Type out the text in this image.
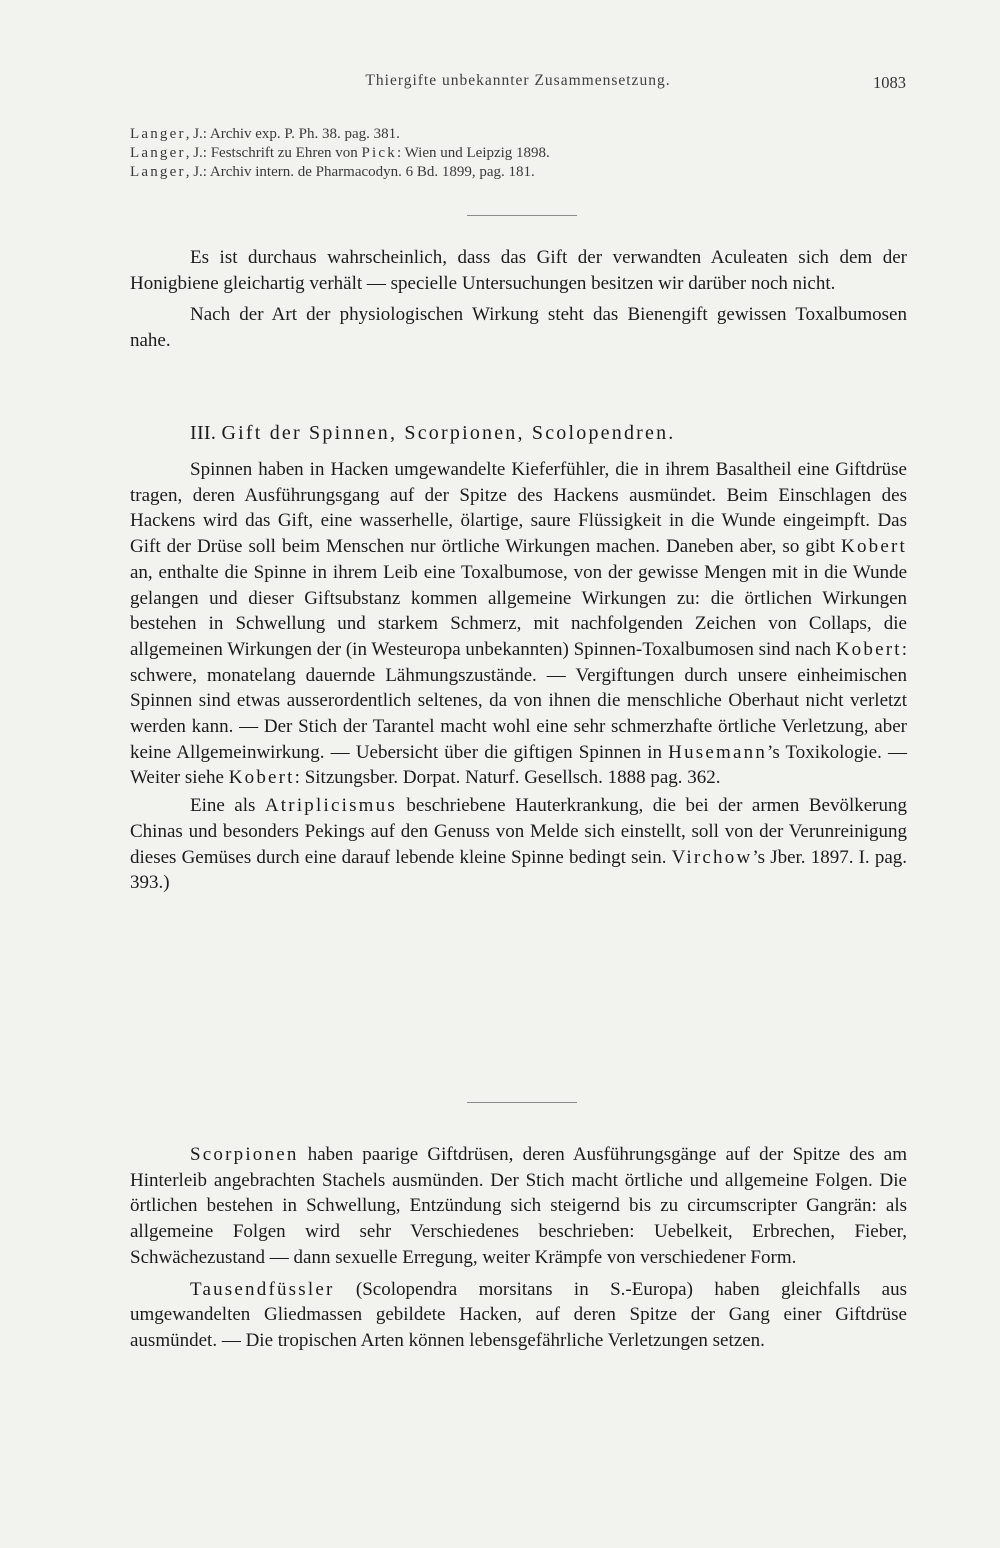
Thiergifte unbekannter Zusammensetzung.	1083
Langer, J.: Archiv exp. P. Ph. 38. pag. 381.
Langer, J.: Festschrift zu Ehren von Pick: Wien und Leipzig 1898.
Langer, J.: Archiv intern. de Pharmacodyn. 6 Bd. 1899, pag. 181.

Es ist durchaus wahrscheinlich, dass das Gift der verwandten Aculeaten sich dem der Honigbiene gleichartig verhält — specielle Untersuchungen besitzen wir darüber noch nicht.

Nach der Art der physiologischen Wirkung steht das Bienengift gewissen Toxalbumosen nahe.

III. Gift der Spinnen, Scorpionen, Scolopendren.

Spinnen haben in Hacken umgewandelte Kieferfühler, die in ihrem Basaltheil eine Giftdrüse tragen, deren Ausführungsgang auf der Spitze des Hackens ausmündet. Beim Einschlagen des Hackens wird das Gift, eine wasserhelle, ölartige, saure Flüssigkeit in die Wunde eingeimpft. Das Gift der Drüse soll beim Menschen nur örtliche Wirkungen machen. Daneben aber, so gibt Kobert an, enthalte die Spinne in ihrem Leib eine Toxalbumose, von der gewisse Mengen mit in die Wunde gelangen und dieser Giftsubstanz kommen allgemeine Wirkungen zu: die örtlichen Wirkungen bestehen in Schwellung und starkem Schmerz, mit nachfolgenden Zeichen von Collaps, die allgemeinen Wirkungen der (in Westeuropa unbekannten) Spinnen-Toxalbumosen sind nach Kobert: schwere, monatelang dauernde Lähmungszustände. — Vergiftungen durch unsere einheimischen Spinnen sind etwas ausserordentlich seltenes, da von ihnen die menschliche Oberhaut nicht verletzt werden kann. — Der Stich der Tarantel macht wohl eine sehr schmerzhafte örtliche Verletzung, aber keine Allgemeinwirkung. — Uebersicht über die giftigen Spinnen in Husemann’s Toxikologie. — Weiter siehe Kobert: Sitzungsber. Dorpat. Naturf. Gesellsch. 1888 pag. 362.

Eine als Atriplicismus beschriebene Hauterkrankung, die bei der armen Bevölkerung Chinas und besonders Pekings auf den Genuss von Melde sich einstellt, soll von der Verunreinigung dieses Gemüses durch eine darauf lebende kleine Spinne bedingt sein. Virchow’s Jber. 1897. I. pag. 393.)

Scorpionen haben paarige Giftdrüsen, deren Ausführungsgänge auf der Spitze des am Hinterleib angebrachten Stachels ausmünden. Der Stich macht örtliche und allgemeine Folgen. Die örtlichen bestehen in Schwellung, Entzündung sich steigernd bis zu circumscripter Gangrän: als allgemeine Folgen wird sehr Verschiedenes beschrieben: Uebelkeit, Erbrechen, Fieber, Schwächezustand — dann sexuelle Erregung, weiter Krämpfe von verschiedener Form.

Tausendfüssler (Scolopendra morsitans in S.-Europa) haben gleichfalls aus umgewandelten Gliedmassen gebildete Hacken, auf deren Spitze der Gang einer Giftdrüse ausmündet. — Die tropischen Arten können lebensgefährliche Verletzungen setzen.
